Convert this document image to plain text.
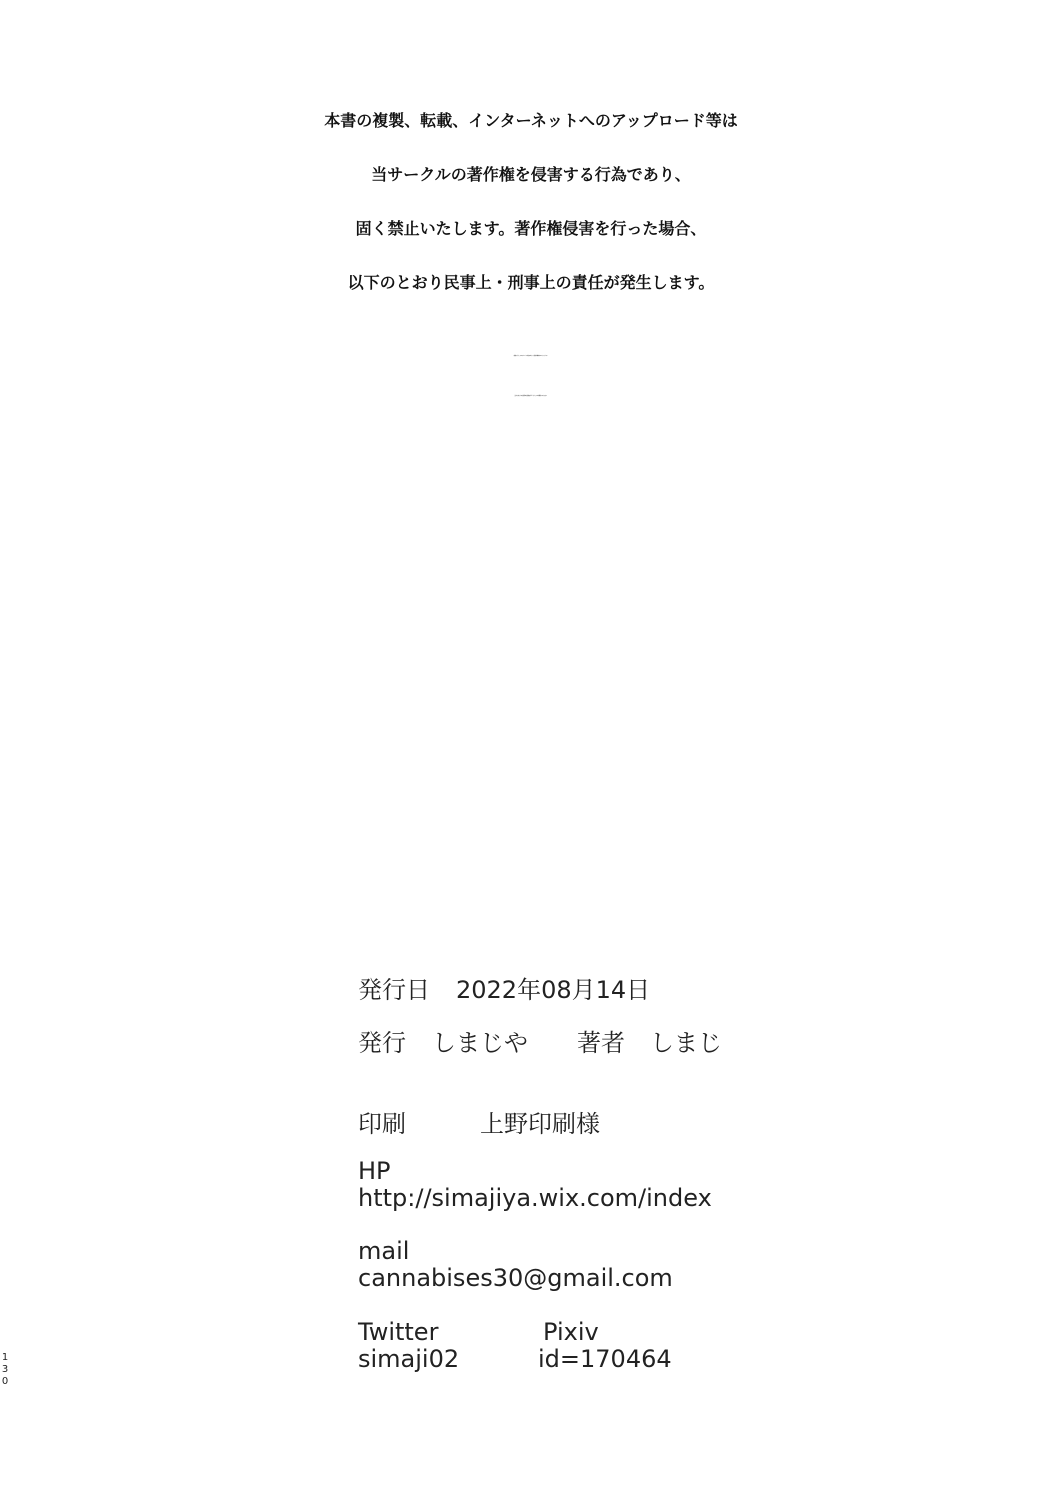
本書の複製、転載、インターネットへのアップロード等は
当サークルの著作権を侵害する行為であり、
固く禁止いたします。著作権侵害を行った場合、
以下のとおり民事上・刑事上の責任が発生します。
本書は当サークルのオリジナル作品であり、本書に掲載されているイラスト、
文章その他一切の著作物の著作権は全て当サークルに帰属しております。
発行日 2022年08月14日
発行 しまじや 著者 しまじ
印刷	上野印刷様
HP
http://simajiya.wix.com/index
mail
cannabises30@gmail.com
Twitter
simaji02
Pixiv
id=170464
1
3
0
